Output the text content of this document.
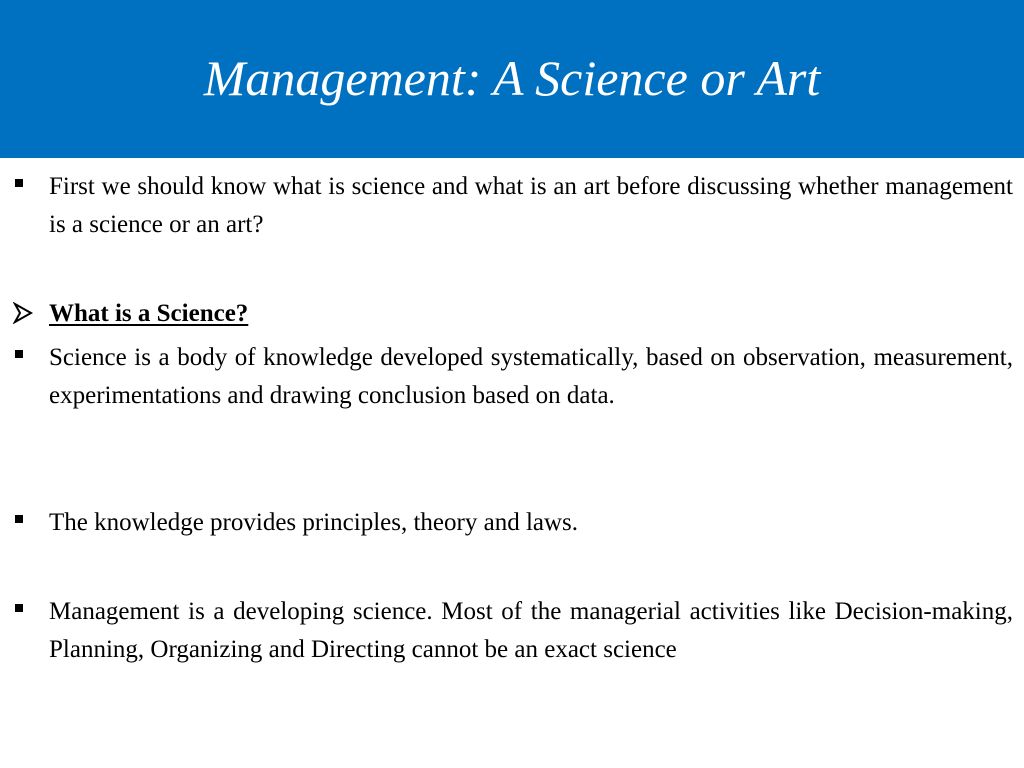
Management: A Science or Art

First we should know what is science and what is an art before discussing whether management is a science or an art?

What is a Science?

Science is a body of knowledge developed systematically, based on observation, measurement, experimentations and drawing conclusion based on data.

The knowledge provides principles, theory and laws.

Management is a developing science. Most of the managerial activities like Decision-making, Planning, Organizing and Directing cannot be an exact science
